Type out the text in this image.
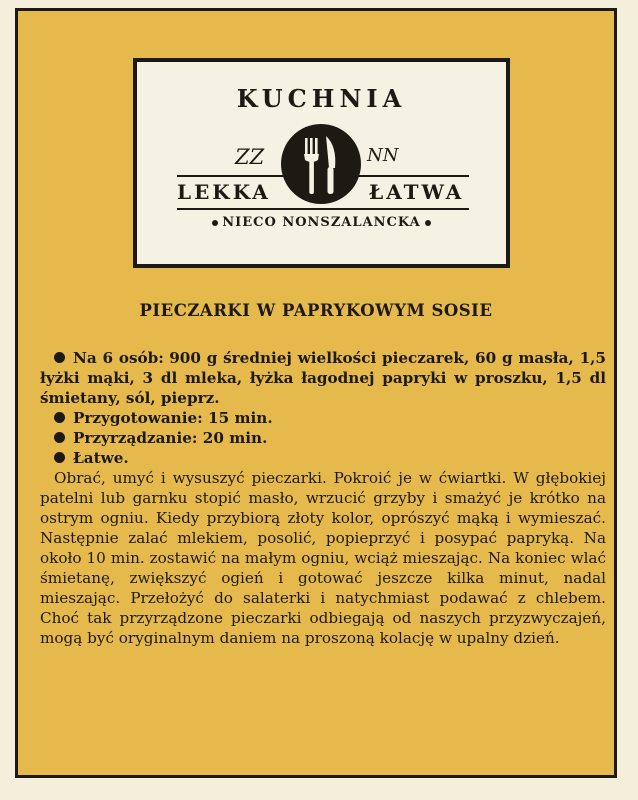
KUCHNIA
ZZ	NN
LEKKA	ŁATWA
NIECO NONSZALANCKA
PIECZARKI W PAPRYKOWYM SOSIE

Na 6 osób: 900 g średniej wielkości pieczarek, 60 g masła, 1,5 łyżki mąki, 3 dl mleka, łyżka łagodnej papryki w proszku, 1,5 dl śmietany, sól, pieprz.

Przygotowanie: 15 min.

Przyrządzanie: 20 min.

Łatwe.

Obrać, umyć i wysuszyć pieczarki. Pokroić je w ćwiartki. W głębokiej patelni lub garnku stopić masło, wrzucić grzyby i smażyć je krótko na ostrym ogniu. Kiedy przybiorą złoty kolor, oprószyć mąką i wymieszać. Następnie zalać mlekiem, posolić, popieprzyć i posypać papryką. Na około 10 min. zostawić na małym ogniu, wciąż mieszając. Na koniec wlać śmietanę, zwiększyć ogień i gotować jeszcze kilka minut, nadal mieszając. Przełożyć do salaterki i natychmiast podawać z chlebem. Choć tak przyrządzone pieczarki odbiegają od naszych przyzwyczajeń, mogą być oryginalnym daniem na proszoną kolację w upalny dzień.
